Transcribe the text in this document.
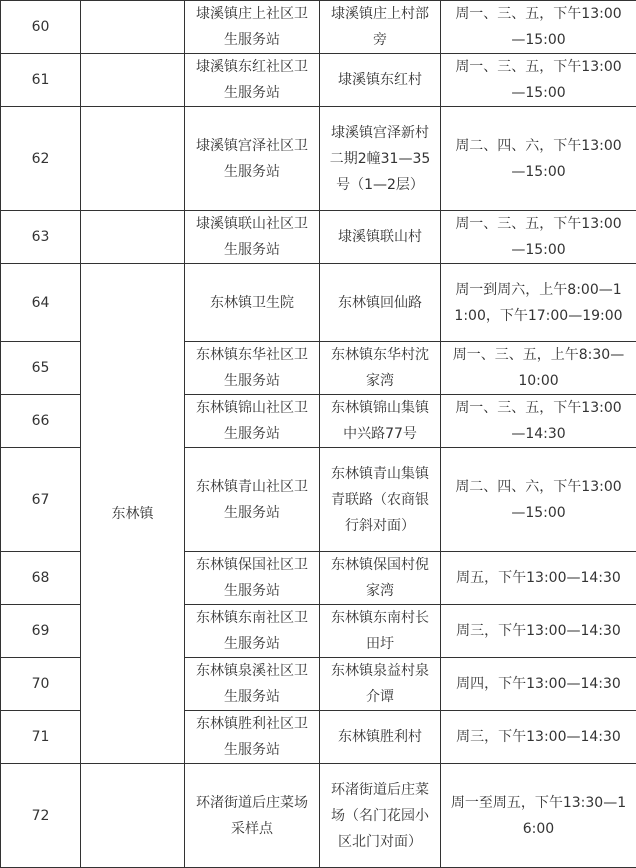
60		埭溪镇庄上社区卫生服务站	埭溪镇庄上村部旁	周一、三、五，下午13:00—15:00
61		埭溪镇东红社区卫生服务站	埭溪镇东红村	周一、三、五，下午13:00—15:00
62		埭溪镇宫泽社区卫生服务站	埭溪镇宫泽新村二期2幢31—35号（1—2层）	周二、四、六，下午13:00—15:00
63		埭溪镇联山社区卫生服务站	埭溪镇联山村	周一、三、五，下午13:00—15:00
64	东林镇	东林镇卫生院	东林镇回仙路	周一到周六，上午8:00—11:00，下午17:00—19:00
65		东林镇东华社区卫生服务站	东林镇东华村沈家湾	周一、三、五，上午8:30—10:00
66		东林镇锦山社区卫生服务站	东林镇锦山集镇中兴路77号	周一、三、五，下午13:00—14:30
67		东林镇青山社区卫生服务站	东林镇青山集镇青联路（农商银行斜对面）	周二、四、六，下午13:00—15:00
68		东林镇保国社区卫生服务站	东林镇保国村倪家湾	周五，下午13:00—14:30
69		东林镇东南社区卫生服务站	东林镇东南村长田圩	周三，下午13:00—14:30
70		东林镇泉溪社区卫生服务站	东林镇泉益村泉介谭	周四，下午13:00—14:30
71		东林镇胜利社区卫生服务站	东林镇胜利村	周三，下午13:00—14:30
72		环渚街道后庄菜场采样点	环渚街道后庄菜场（名门花园小区北门对面）	周一至周五，下午13:30—16:00
